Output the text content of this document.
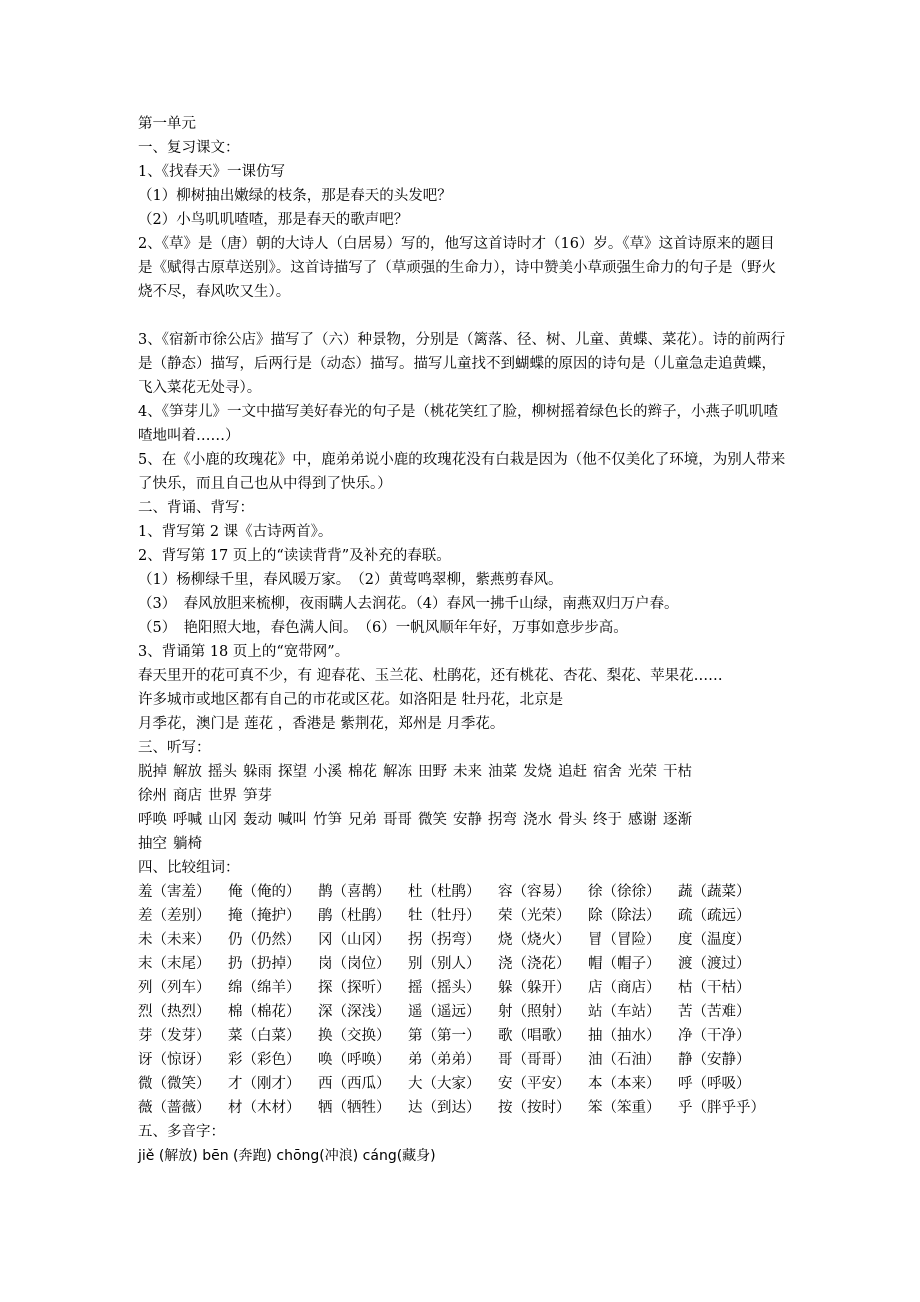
第一单元
一、复习课文：
1、《找春天》一课仿写
（1）柳树抽出嫩绿的枝条，那是春天的头发吧？
（2）小鸟叽叽喳喳，那是春天的歌声吧？
2、《草》是（唐）朝的大诗人（白居易）写的，他写这首诗时才（16）岁。《草》这首诗原来的题目是《赋得古原草送别》。这首诗描写了（草顽强的生命力），诗中赞美小草顽强生命力的句子是（野火烧不尽，春风吹又生）。
3、《宿新市徐公店》描写了（六）种景物，分别是（篱落、径、树、儿童、黄蝶、菜花）。诗的前两行是（静态）描写，后两行是（动态）描写。描写儿童找不到蝴蝶的原因的诗句是（儿童急走追黄蝶，飞入菜花无处寻）。
4、《笋芽儿》一文中描写美好春光的句子是（桃花笑红了脸，柳树摇着绿色长的辫子，小燕子叽叽喳喳地叫着……）
5、在《小鹿的玫瑰花》中，鹿弟弟说小鹿的玫瑰花没有白栽是因为（他不仅美化了环境，为别人带来了快乐，而且自己也从中得到了快乐。）
二、背诵、背写：
1、背写第 2 课《古诗两首》。
2、背写第 17 页上的“读读背背”及补充的春联。
（1）杨柳绿千里，春风暖万家。　（2）黄莺鸣翠柳，紫燕剪春风。
（3）　春风放胆来梳柳，夜雨瞒人去润花。（4）春风一拂千山绿，南燕双归万户春。
（5）　艳阳照大地，春色满人间。　（6）一帆风顺年年好，万事如意步步高。
3、背诵第 18 页上的“宽带网”。
春天里开的花可真不少，有 迎春花、玉兰花、杜鹃花，还有桃花、杏花、梨花、苹果花……
许多城市或地区都有自己的市花或区花。如洛阳是 牡丹花，北京是
月季花，澳门是 莲花 ，香港是 紫荆花，郑州是 月季花。
三、听写：
脱掉 解放 摇头 躲雨 探望 小溪 棉花 解冻 田野 未来 油菜 发烧 追赶 宿舍 光荣 干枯
徐州 商店 世界 笋芽
呼唤 呼喊 山冈 轰动 喊叫 竹笋 兄弟 哥哥 微笑 安静 拐弯 浇水 骨头 终于 感谢 逐渐
抽空 躺椅
四、比较组词：
羞（害羞）	俺（俺的）	鹊（喜鹊）	杜（杜鹃）	容（容易）	徐（徐徐）	蔬（蔬菜）
差（差别）	掩（掩护）	鹃（杜鹃）	牡（牡丹）	荣（光荣）	除（除法）	疏（疏远）
未（未来）	仍（仍然）	冈（山冈）	拐（拐弯）	烧（烧火）	冒（冒险）	度（温度）
末（末尾）	扔（扔掉）	岗（岗位）	别（别人）	浇（浇花）	帽（帽子）	渡（渡过）
列（列车）	绵（绵羊）	探（探听）	摇（摇头）	躲（躲开）	店（商店）	枯（干枯）
烈（热烈）	棉（棉花）	深（深浅）	遥（遥远）	射（照射）	站（车站）	苦（苦难）
芽（发芽）	菜（白菜）	换（交换）	第（第一）	歌（唱歌）	抽（抽水）	净（干净）
讶（惊讶）	彩（彩色）	唤（呼唤）	弟（弟弟）	哥（哥哥）	油（石油）	静（安静）
微（微笑）	才（刚才）	西（西瓜）	大（大家）	安（平安）	本（本来）	呼（呼吸）
薇（蔷薇）	材（木材）	牺（牺牲）	达（到达）	按（按时）	笨（笨重）	乎（胖乎乎）
五、多音字：
jiě (解放) bēn (奔跑) chōng(冲浪) cáng(藏身)
